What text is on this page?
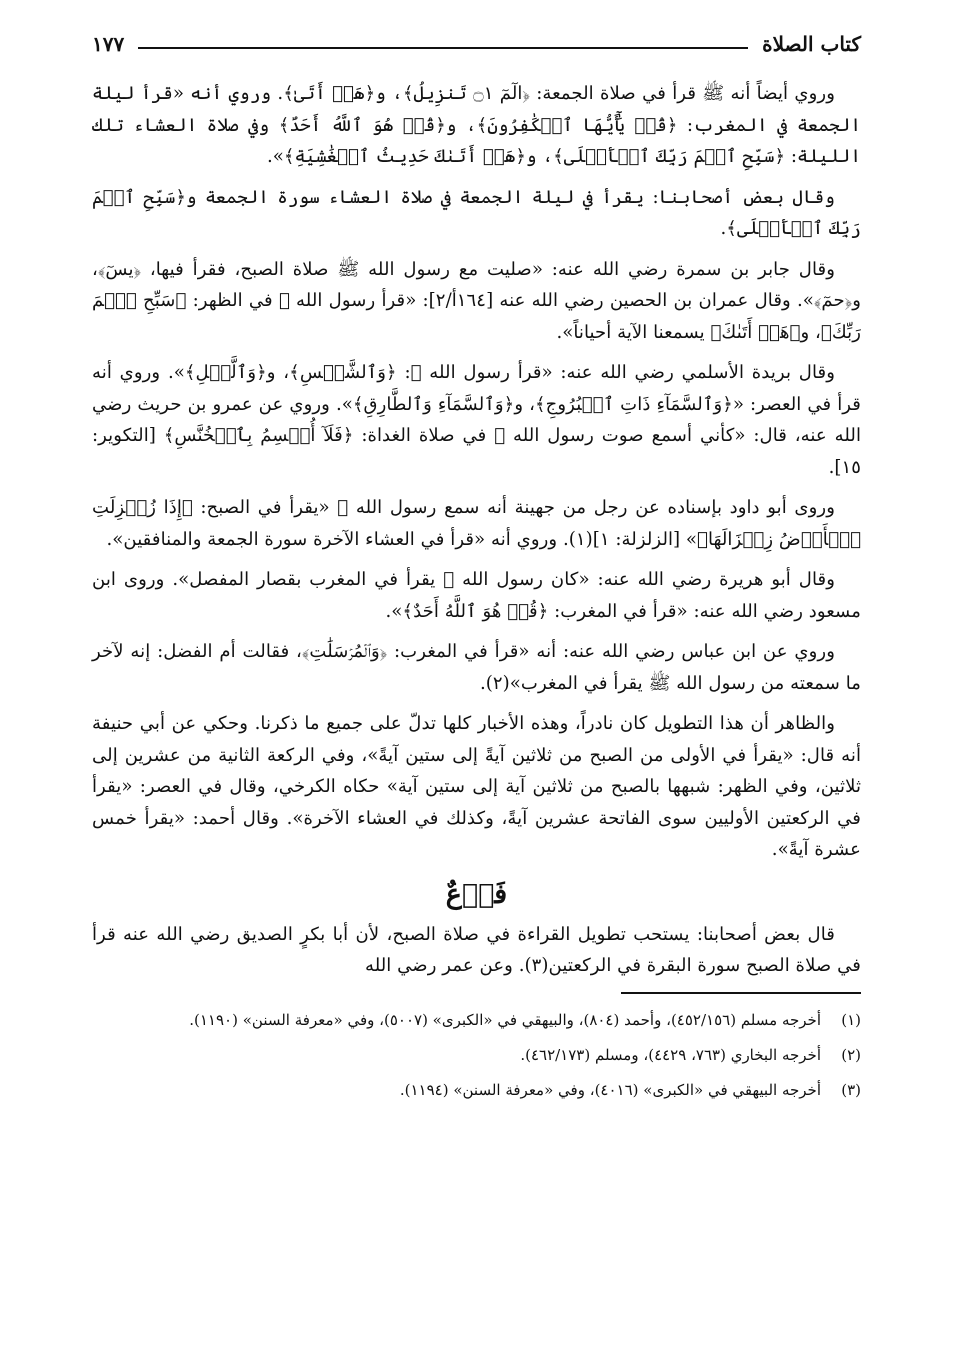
كتاب الصلاة
١٧٧

وروي أيضاً أنه ﷺ قرأ في صلاة الجمعة: ﴿الٓمٓ ۝١ تَنزِيلُ﴾، و﴿هَلۡ أَتَىٰ﴾. وروي أنه «قرأ ليلة الجمعة في المغرب: ﴿قُلۡ يَٰٓأَيُّهَا ٱلۡكَٰفِرُونَ﴾، و﴿قُلۡ هُوَ ٱللَّهُ أَحَدٌ﴾ وفي صلاة العشاء تلك الليلة: ﴿سَبِّحِ ٱسۡمَ رَبِّكَ ٱلۡأَعۡلَى﴾، و﴿هَلۡ أَتَىٰكَ حَدِيثُ ٱلۡغَٰشِيَةِ﴾».

وقال بعض أصحابنا: يقرأ في ليلة الجمعة في صلاة العشاء سورة الجمعة و﴿سَبِّحِ ٱسۡمَ رَبِّكَ ٱلۡأَعۡلَى﴾.

وقال جابر بن سمرة رضي الله عنه: «صليت مع رسول الله ﷺ صلاة الصبح، فقرأ فيها، ﴿يسٓ﴾، و﴿حمٓ﴾». وقال عمران بن الحصين رضي الله عنه [١٦٤أ/٢]: «قرأ رسول الله ﷺ في الظهر: ﴿سَبِّحِ ٱسۡمَ رَبِّكَ﴾، و﴿هَلۡ أَتَىٰكَ﴾ يسمعنا الآية أحياناً».

وقال بريدة الأسلمي رضي الله عنه: «قرأ رسول الله ﷺ: ﴿وَٱلشَّمۡسِ﴾، و﴿وَٱلَّيۡلِ﴾». وروي أنه قرأ في العصر: «﴿وَٱلسَّمَآءِ ذَاتِ ٱلۡبُرُوجِ﴾، و﴿وَٱلسَّمَآءِ وَٱلطَّارِقِ﴾». وروي عن عمرو بن حريث رضي الله عنه، قال: «كأني أسمع صوت رسول الله ﷺ في صلاة الغداة: ﴿فَلَآ أُقۡسِمُ بِٱلۡخُنَّسِ﴾ [التكوير: ١٥].

وروى أبو داود بإسناده عن رجل من جهينة أنه سمع رسول الله ﷺ «يقرأ في الصبح: ﴿إِذَا زُلۡزِلَتِ ٱلۡأَرۡضُ زِلۡزَالَهَا﴾» [الزلزلة: ١](١). وروي أنه «قرأ في العشاء الآخرة سورة الجمعة والمنافقين».

وقال أبو هريرة رضي الله عنه: «كان رسول الله ﷺ يقرأ في المغرب بقصار المفصل». وروى ابن مسعود رضي الله عنه: «قرأ في المغرب: ﴿قُلۡ هُوَ ٱللَّهُ أَحَدٌ﴾».

وروي عن ابن عباس رضي الله عنه: أنه «قرأ في المغرب: ﴿وَٱلۡمُرۡسَلَٰتِ﴾، فقالت أم الفضل: إنه لآخر ما سمعته من رسول الله ﷺ يقرأ في المغرب»(٢).

والظاهر أن هذا التطويل كان نادراً، وهذه الأخبار كلها تدلّ على جميع ما ذكرنا. وحكي عن أبي حنيفة أنه قال: «يقرأ في الأولى من الصبح من ثلاثين آيةً إلى ستين آيةً»، وفي الركعة الثانية من عشرين إلى ثلاثين، وفي الظهر: شبهها بالصبح من ثلاثين آية إلى ستين آية» حكاه الكرخي، وقال في العصر: «يقرأ في الركعتين الأوليين سوى الفاتحة عشرين آيةً، وكذلك في العشاء الآخرة». وقال أحمد: «يقرأ خمس عشرة آيةً».

فَرۡعٌ

قال بعض أصحابنا: يستحب تطويل القراءة في صلاة الصبح، لأن أبا بكرٍ الصديق رضي الله عنه قرأ في صلاة الصبح سورة البقرة في الركعتين(٣). وعن عمر رضي الله

(١)أخرجه مسلم (٤٥٢/١٥٦)، وأحمد (٨٠٤)، والبيهقي في «الكبرى» (٥٠٠٧)، وفي «معرفة السنن» (١١٩٠).

(٢)أخرجه البخاري (٧٦٣، ٤٤٢٩)، ومسلم (٤٦٢/١٧٣).

(٣)أخرجه البيهقي في «الكبرى» (٤٠١٦)، وفي «معرفة السنن» (١١٩٤).
